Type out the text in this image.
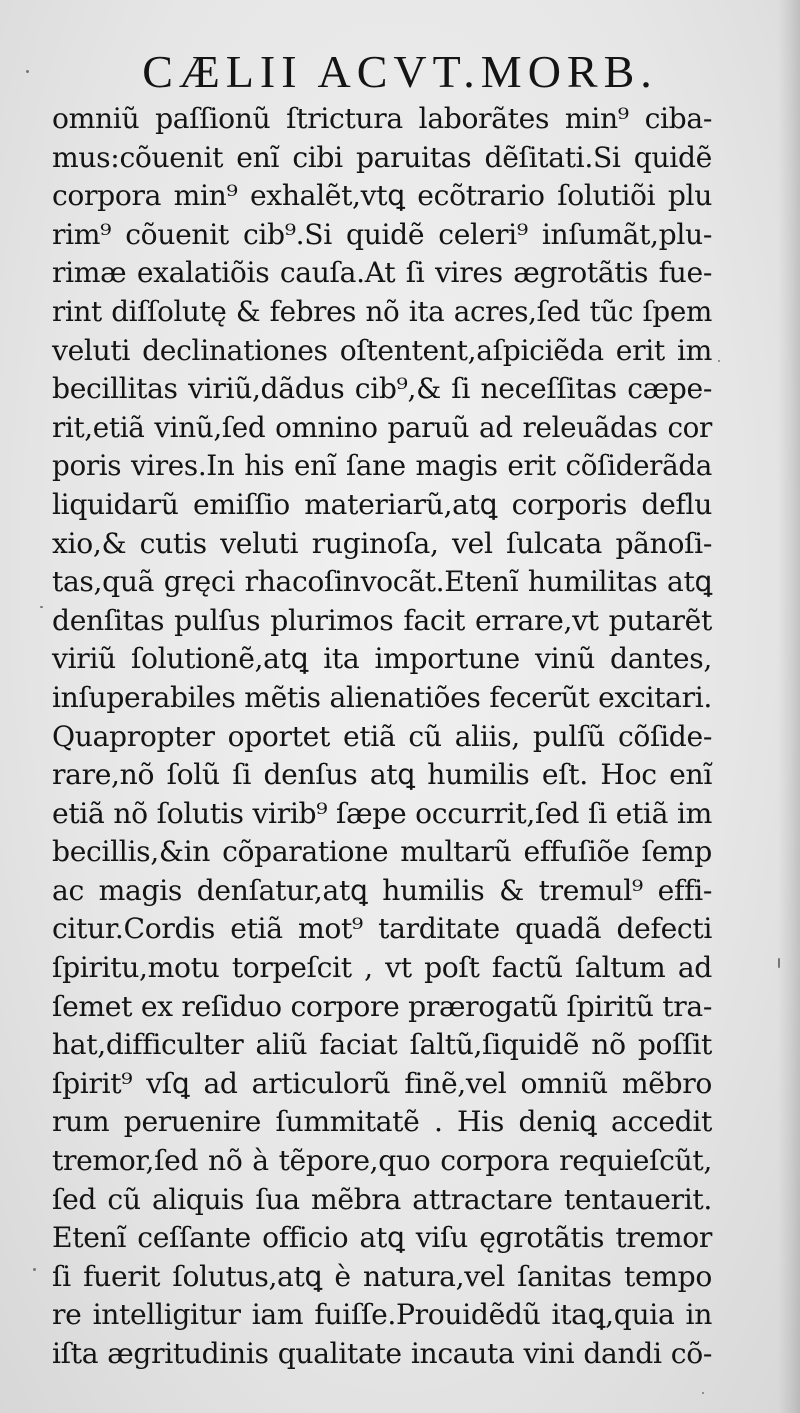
CÆLII ACVT.MORB.
omniũ paſſionũ ſtrictura laborãtes min⁹ ciba-
mus:cõuenit enĩ cibi paruitas dẽſitati.Si quidẽ
corpora min⁹ exhalẽt,vtꝗ ecõtrario ſolutiõi plu
rim⁹ cõuenit cib⁹.Si quidẽ celeri⁹ inſumãt,plu-
rimæ exalatiõis cauſa.At ſi vires ægrotãtis fue-
rint diſſolutę & febres nõ ita acres,ſed tũc ſpem
veluti declinationes oſtentent,aſpiciẽda erit im
becillitas viriũ,dãdus cib⁹,& ſi neceſſitas cæpe-
rit,etiã vinũ,ſed omnino paruũ ad releuãdas cor
poris vires.In his enĩ ſane magis erit cõſiderãda
liquidarũ emiſſio materiarũ,atꝗ corporis deflu
xio,& cutis veluti ruginoſa, vel ſulcata pãnoſi-
tas,quã gręci rhacoſinvocãt.Etenĩ humilitas atꝗ
denſitas pulſus plurimos facit errare,vt putarẽt
viriũ ſolutionẽ,atꝗ ita importune vinũ dantes,
inſuperabiles mẽtis alienatiões fecerũt excitari.
Quapropter oportet etiã cũ aliis, pulſũ cõſide-
rare,nõ ſolũ ſi denſus atꝗ humilis eſt. Hoc enĩ
etiã nõ ſolutis virib⁹ ſæpe occurrit,ſed ſi etiã im
becillis,&in cõparatione multarũ effuſiõe ſemp
ac magis denſatur,atꝗ humilis & tremul⁹ effi-
citur.Cordis etiã mot⁹ tarditate quadã defecti
ſpiritu,motu torpeſcit , vt poſt factũ ſaltum ad
ſemet ex reſiduo corpore prærogatũ ſpiritũ tra-
hat,difficulter aliũ faciat ſaltũ,ſiquidẽ nõ poſſit
ſpirit⁹ vſꝗ ad articulorũ finẽ,vel omniũ mẽbro
rum peruenire ſummitatẽ . His deniꝗ accedit
tremor,ſed nõ à tẽpore,quo corpora requieſcũt,
ſed cũ aliquis ſua mẽbra attractare tentauerit.
Etenĩ ceſſante officio atꝗ viſu ęgrotãtis tremor
ſi fuerit ſolutus,atꝗ è natura,vel ſanitas tempo
re intelligitur iam fuiſſe.Prouidẽdũ itaꝗ,quia in
iſta ægritudinis qualitate incauta vini dandi cõ-
